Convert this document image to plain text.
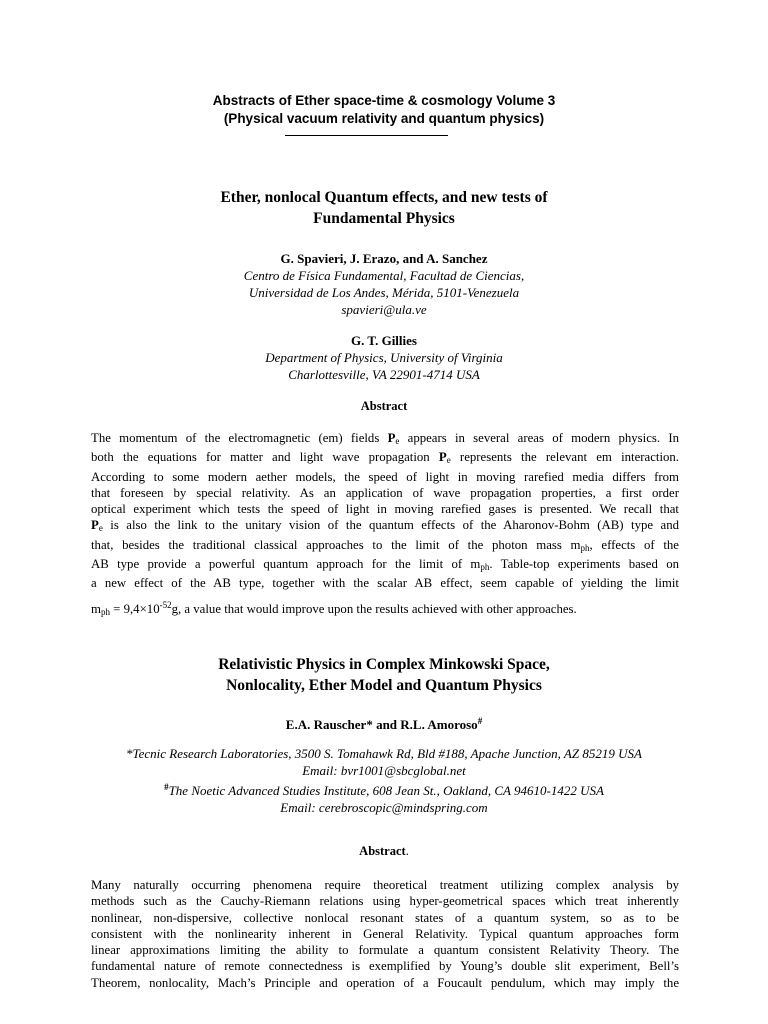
Abstracts of Ether space-time & cosmology Volume 3
(Physical vacuum relativity and quantum physics)
Ether, nonlocal Quantum effects, and new tests of
Fundamental Physics
G. Spavieri, J. Erazo, and A. Sanchez
Centro de Física Fundamental, Facultad de Ciencias,
Universidad de Los Andes, Mérida, 5101-Venezuela
spavieri@ula.ve
G. T. Gillies
Department of Physics, University of Virginia
Charlottesville, VA 22901-4714 USA
Abstract
The momentum of the electromagnetic (em) fields $P_e$ appears in several areas of modern physics. In
both the equations for matter and light wave propagation $P_e$ represents the relevant em interaction.
According to some modern aether models, the speed of light in moving rarefied media differs from
that foreseen by special relativity. As an application of wave propagation properties, a first order
optical experiment which tests the speed of light in moving rarefied gases is presented. We recall that
$P_e$ is also the link to the unitary vision of the quantum effects of the Aharonov-Bohm (AB) type and
that, besides the traditional classical approaches to the limit of the photon mass $m_{ph}$, effects of the
AB type provide a powerful quantum approach for the limit of $m_{ph}$. Table-top experiments based on
a new effect of the AB type, together with the scalar AB effect, seem capable of yielding the limit
$m_{ph} = 9,4\times 10^{-52}g$, a value that would improve upon the results achieved with other approaches.
Relativistic Physics in Complex Minkowski Space,
Nonlocality, Ether Model and Quantum Physics
E.A. Rauscher* and R.L. Amoroso#
*Tecnic Research Laboratories, 3500 S. Tomahawk Rd, Bld #188, Apache Junction, AZ 85219 USA
Email: bvr1001@sbcglobal.net
#The Noetic Advanced Studies Institute, 608 Jean St., Oakland, CA 94610-1422 USA
Email: cerebroscopic@mindspring.com
Abstract.
Many naturally occurring phenomena require theoretical treatment utilizing complex analysis by
methods such as the Cauchy-Riemann relations using hyper-geometrical spaces which treat inherently
nonlinear, non-dispersive, collective nonlocal resonant states of a quantum system, so as to be
consistent with the nonlinearity inherent in General Relativity. Typical quantum approaches form
linear approximations limiting the ability to formulate a quantum consistent Relativity Theory. The
fundamental nature of remote connectedness is exemplified by Young’s double slit experiment, Bell’s
Theorem, nonlocality, Mach’s Principle and operation of a Foucault pendulum, which may imply the
